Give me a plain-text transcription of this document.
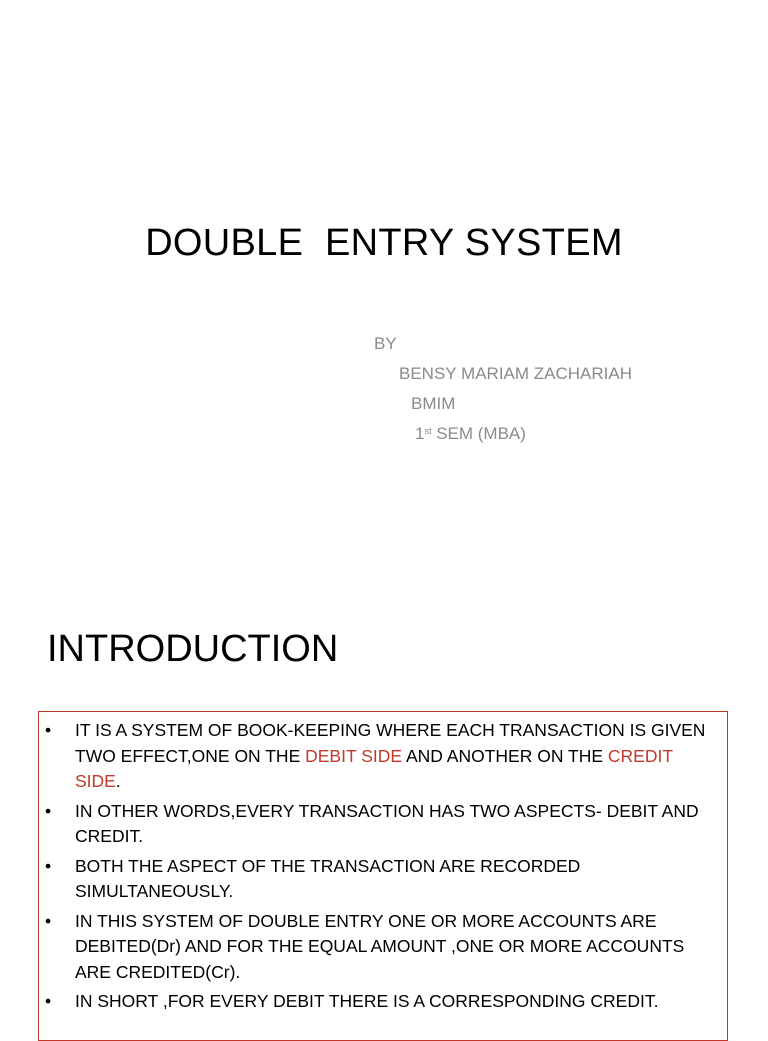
DOUBLE  ENTRY SYSTEM
BY
BENSY MARIAM ZACHARIAH
BMIM
1st SEM (MBA)
INTRODUCTION
• IT IS A SYSTEM OF BOOK-KEEPING WHERE EACH TRANSACTION IS GIVEN TWO EFFECT,ONE ON THE DEBIT SIDE AND ANOTHER ON THE CREDIT SIDE.
• IN OTHER WORDS,EVERY TRANSACTION HAS TWO ASPECTS- DEBIT AND CREDIT.
• BOTH THE ASPECT OF THE TRANSACTION ARE RECORDED SIMULTANEOUSLY.
• IN THIS SYSTEM OF DOUBLE ENTRY ONE OR MORE ACCOUNTS ARE DEBITED(Dr) AND FOR THE EQUAL AMOUNT ,ONE OR MORE ACCOUNTS ARE CREDITED(Cr).
• IN SHORT ,FOR EVERY DEBIT THERE IS A CORRESPONDING CREDIT.
